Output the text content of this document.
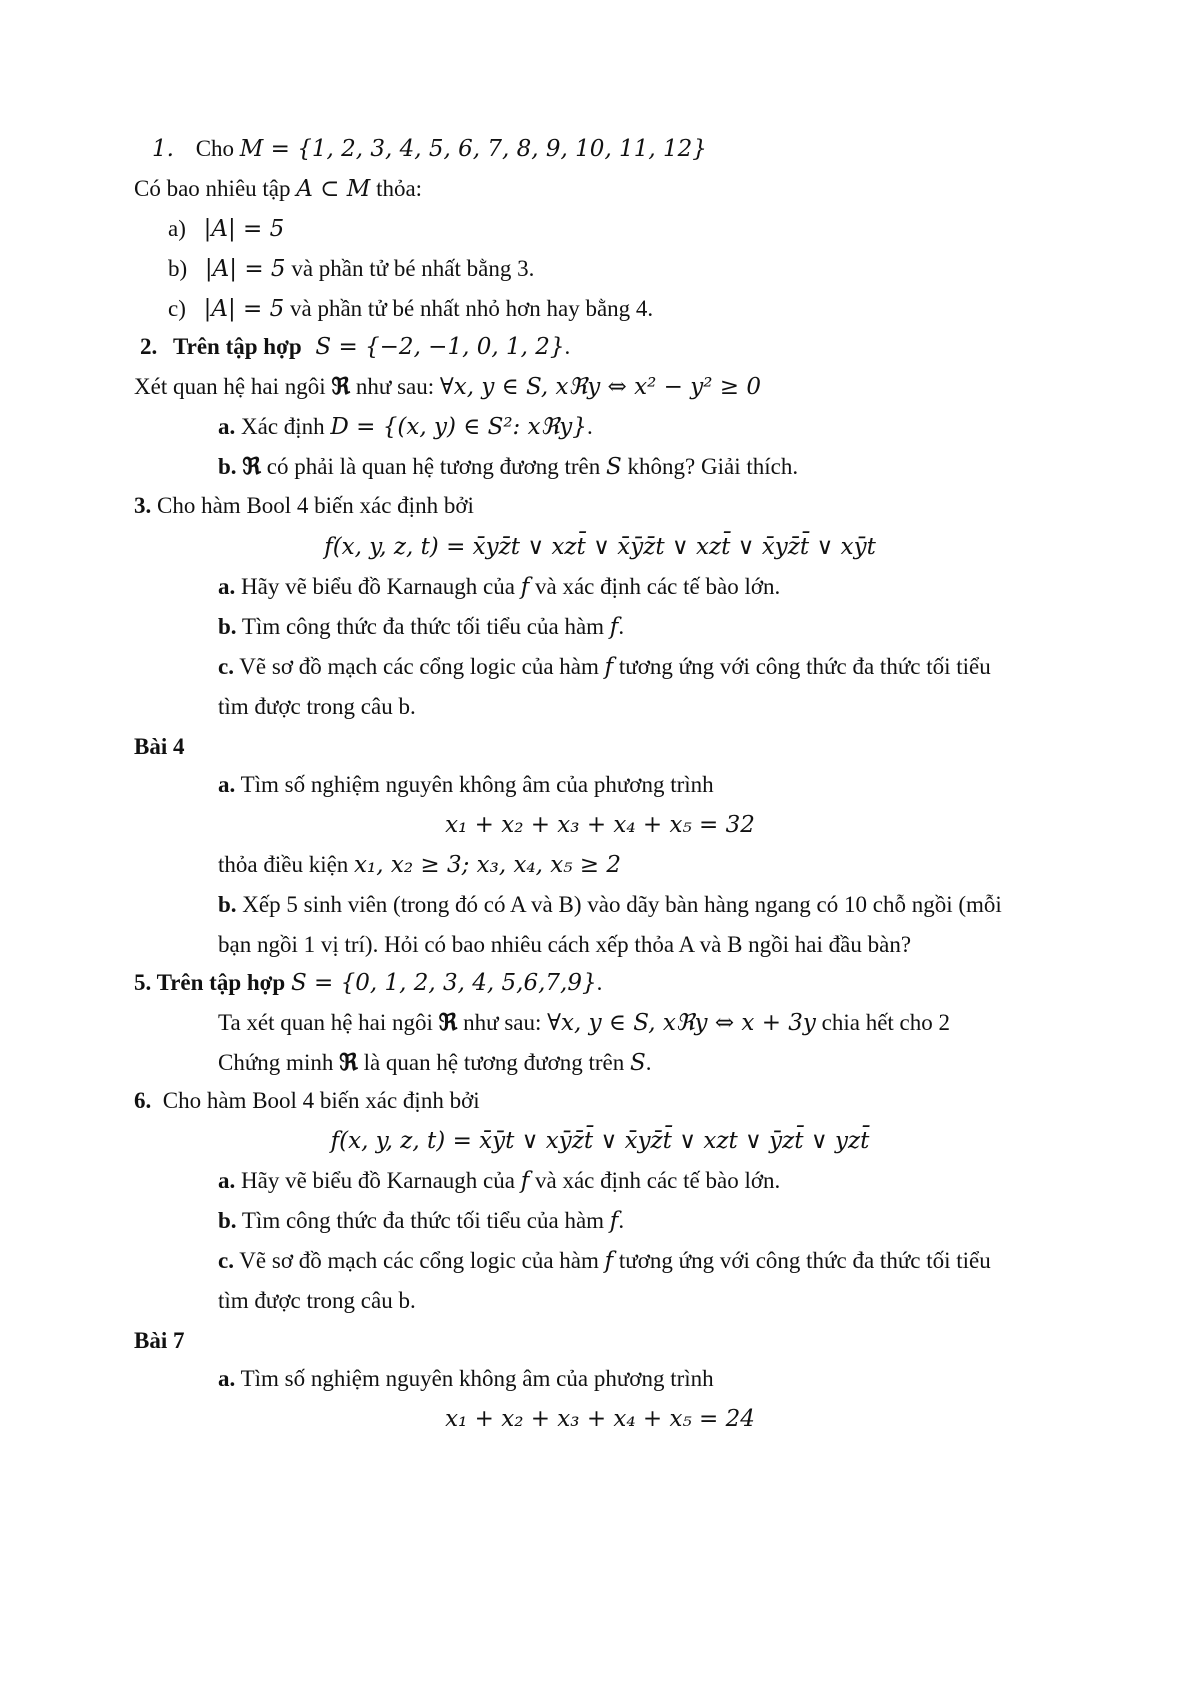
1. Cho M = {1, 2, 3, 4, 5, 6, 7, 8, 9, 10, 11, 12}
Có bao nhiêu tập A ⊂ M thỏa:
a) |A| = 5
b) |A| = 5 và phần tử bé nhất bằng 3.
c) |A| = 5 và phần tử bé nhất nhỏ hơn hay bằng 4.
2. Trên tập hợp S = {−2, −1, 0, 1, 2}.
Xét quan hệ hai ngôi ℜ như sau: ∀x, y ∈ S, xℜy ⇔ x² − y² ≥ 0
a. Xác định D = {(x, y) ∈ S²: xℜy}.
b. ℜ có phải là quan hệ tương đương trên S không? Giải thích.
3. Cho hàm Bool 4 biến xác định bởi
f(x, y, z, t) = x̄yz̄t ∨ xzt̄ ∨ x̄ȳz̄t ∨ xzt̄ ∨ x̄yz̄t̄ ∨ xȳt
a. Hãy vẽ biểu đồ Karnaugh của f và xác định các tế bào lớn.
b. Tìm công thức đa thức tối tiểu của hàm f.
c. Vẽ sơ đồ mạch các cổng logic của hàm f tương ứng với công thức đa thức tối tiểu
tìm được trong câu b.
Bài 4
a. Tìm số nghiệm nguyên không âm của phương trình
x₁ + x₂ + x₃ + x₄ + x₅ = 32
thỏa điều kiện x₁, x₂ ≥ 3; x₃, x₄, x₅ ≥ 2
b. Xếp 5 sinh viên (trong đó có A và B) vào dãy bàn hàng ngang có 10 chỗ ngồi (mỗi
bạn ngồi 1 vị trí). Hỏi có bao nhiêu cách xếp thỏa A và B ngồi hai đầu bàn?
5. Trên tập hợp S = {0, 1, 2, 3, 4, 5,6,7,9}.
Ta xét quan hệ hai ngôi ℜ như sau: ∀x, y ∈ S, xℜy ⇔ x + 3y chia hết cho 2
Chứng minh ℜ là quan hệ tương đương trên S.
6.  Cho hàm Bool 4 biến xác định bởi
f(x, y, z, t) = x̄ȳt ∨ xȳz̄t̄ ∨ x̄yz̄t̄ ∨ xzt ∨ ȳzt̄ ∨ yzt̄
a. Hãy vẽ biểu đồ Karnaugh của f và xác định các tế bào lớn.
b. Tìm công thức đa thức tối tiểu của hàm f.
c. Vẽ sơ đồ mạch các cổng logic của hàm f tương ứng với công thức đa thức tối tiểu
tìm được trong câu b.
Bài 7
a. Tìm số nghiệm nguyên không âm của phương trình
x₁ + x₂ + x₃ + x₄ + x₅ = 24
